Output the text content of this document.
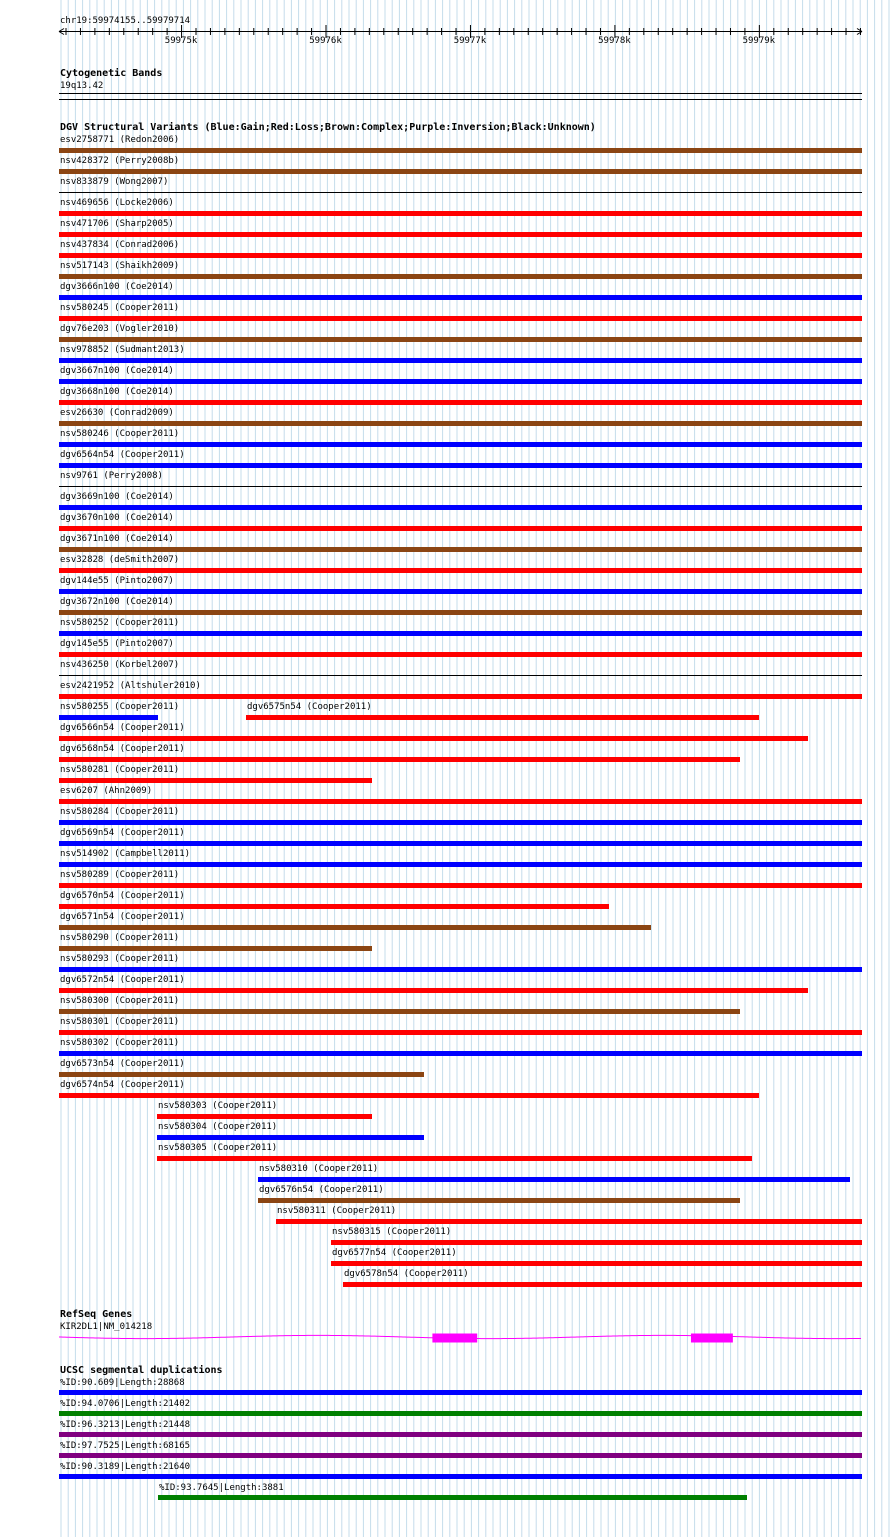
chr19:59974155..59979714
59975k	59976k	59977k	59978k	59979k
Cytogenetic Bands
19q13.42
DGV Structural Variants (Blue:Gain;Red:Loss;Brown:Complex;Purple:Inversion;Black:Unknown)
esv2758771 (Redon2006)
nsv428372 (Perry2008b)
nsv833879 (Wong2007)
nsv469656 (Locke2006)
nsv471706 (Sharp2005)
nsv437834 (Conrad2006)
nsv517143 (Shaikh2009)
dgv3666n100 (Coe2014)
nsv580245 (Cooper2011)
dgv76e203 (Vogler2010)
nsv978852 (Sudmant2013)
dgv3667n100 (Coe2014)
dgv3668n100 (Coe2014)
esv26630 (Conrad2009)
nsv580246 (Cooper2011)
dgv6564n54 (Cooper2011)
nsv9761 (Perry2008)
dgv3669n100 (Coe2014)
dgv3670n100 (Coe2014)
dgv3671n100 (Coe2014)
esv32828 (deSmith2007)
dgv144e55 (Pinto2007)
dgv3672n100 (Coe2014)
nsv580252 (Cooper2011)
dgv145e55 (Pinto2007)
nsv436250 (Korbel2007)
esv2421952 (Altshuler2010)
nsv580255 (Cooper2011)	dgv6575n54 (Cooper2011)
dgv6566n54 (Cooper2011)
dgv6568n54 (Cooper2011)
nsv580281 (Cooper2011)
esv6207 (Ahn2009)
nsv580284 (Cooper2011)
dgv6569n54 (Cooper2011)
nsv514902 (Campbell2011)
nsv580289 (Cooper2011)
dgv6570n54 (Cooper2011)
dgv6571n54 (Cooper2011)
nsv580290 (Cooper2011)
nsv580293 (Cooper2011)
dgv6572n54 (Cooper2011)
nsv580300 (Cooper2011)
nsv580301 (Cooper2011)
nsv580302 (Cooper2011)
dgv6573n54 (Cooper2011)
dgv6574n54 (Cooper2011)
nsv580303 (Cooper2011)
nsv580304 (Cooper2011)
nsv580305 (Cooper2011)
nsv580310 (Cooper2011)
dgv6576n54 (Cooper2011)
nsv580311 (Cooper2011)
nsv580315 (Cooper2011)
dgv6577n54 (Cooper2011)
dgv6578n54 (Cooper2011)
RefSeq Genes
KIR2DL1|NM_014218
UCSC segmental duplications
%ID:90.609|Length:28868
%ID:94.0706|Length:21402
%ID:96.3213|Length:21448
%ID:97.7525|Length:68165
%ID:90.3189|Length:21640
%ID:93.7645|Length:3881
